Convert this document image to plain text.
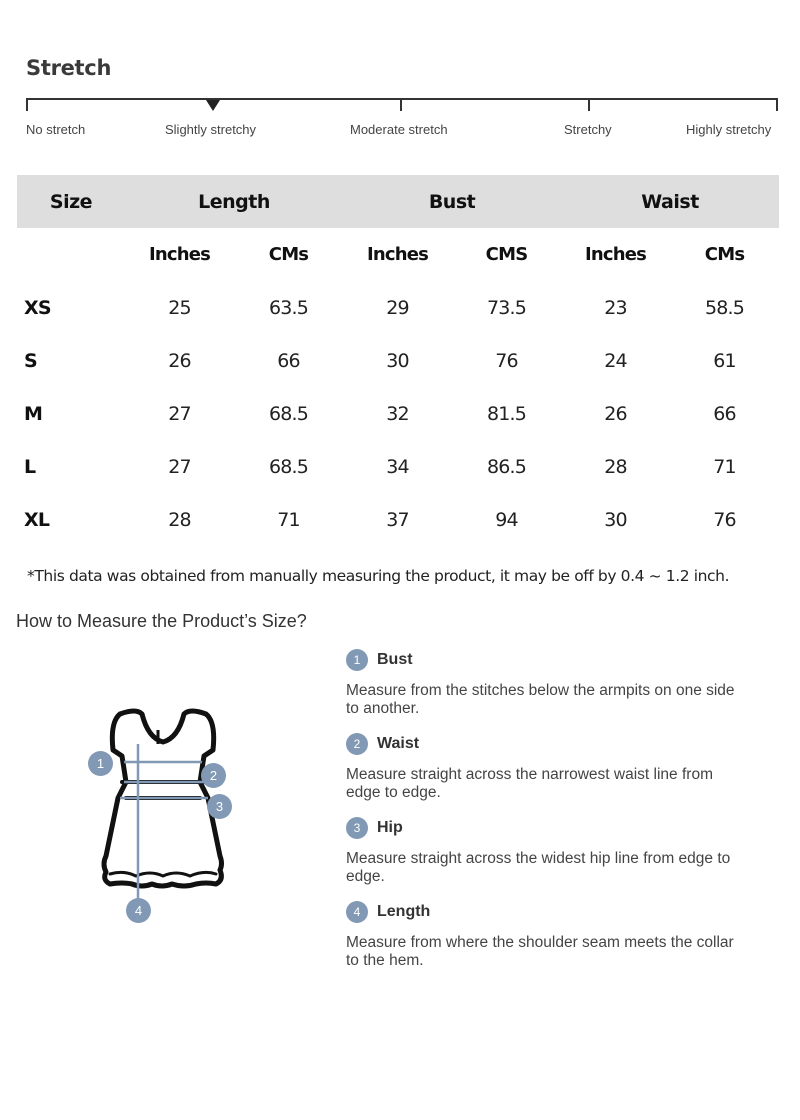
Stretch
No stretch	Slightly stretchy	Moderate stretch	Stretchy	Highly stretchy
Size	Length		Bust		Waist	
	Inches	CMs	Inches	CMS	Inches	CMs
XS	25	63.5	29	73.5	23	58.5
S	26	66	30	76	24	61
M	27	68.5	32	81.5	26	66
L	27	68.5	34	86.5	28	71
XL	28	71	37	94	30	76
*This data was obtained from manually measuring the product, it may be off by 0.4 ~ 1.2 inch.
How to Measure the Product’s Size?
1
2
3
4
1	Bust
Measure from the stitches below the armpits on one side to another.
2	Waist
Measure straight across the narrowest waist line from edge to edge.
3	Hip
Measure straight across the widest hip line from edge to edge.
4	Length
Measure from where the shoulder seam meets the collar to the hem.
